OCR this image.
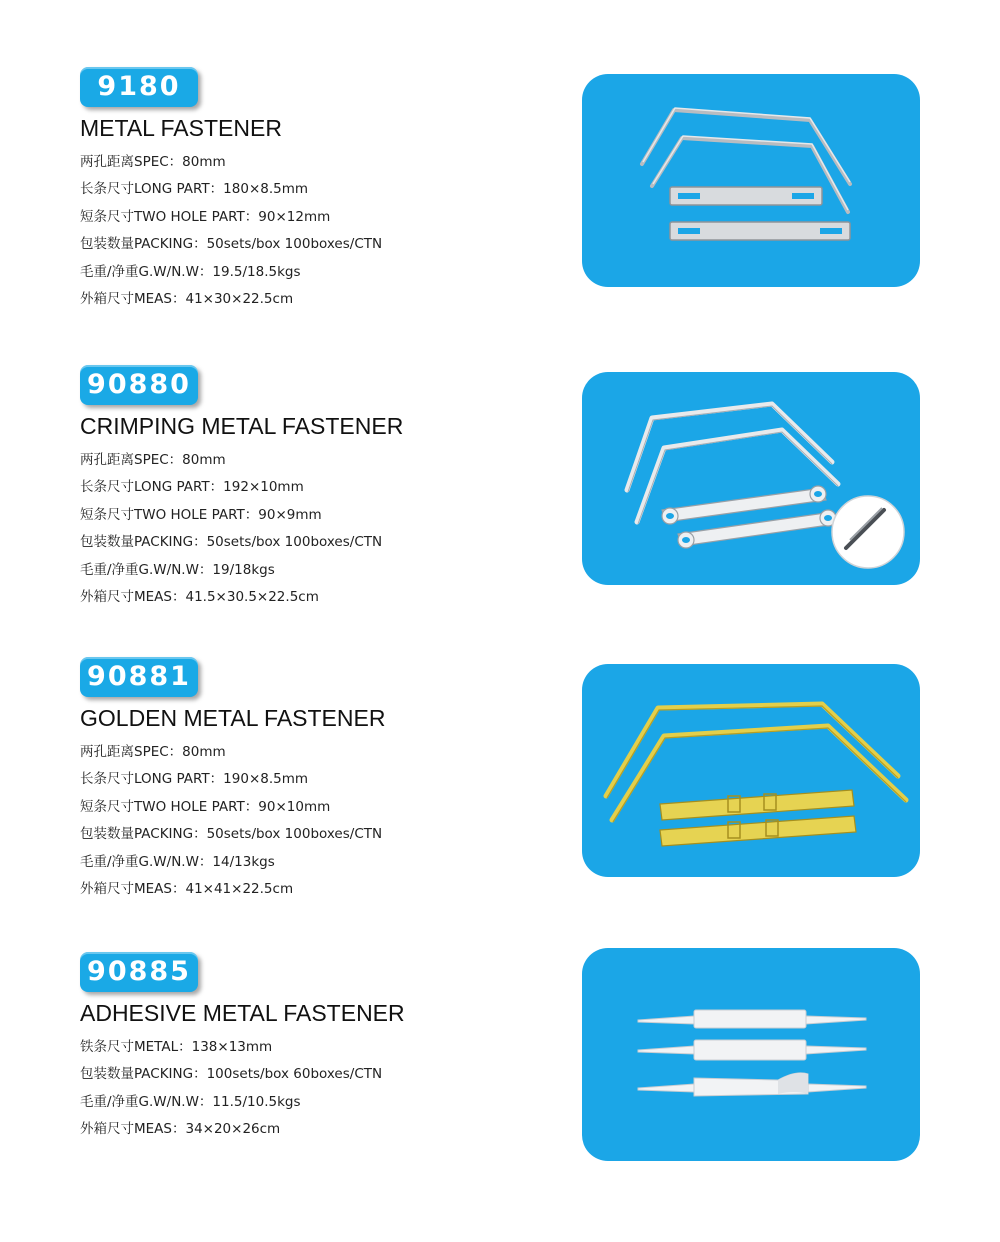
9180
METAL FASTENER
两孔距离SPEC：80mm
长条尺寸LONG PART：180×8.5mm
短条尺寸TWO HOLE PART：90×12mm
包装数量PACKING：50sets/box 100boxes/CTN
毛重/净重G.W/N.W：19.5/18.5kgs
外箱尺寸MEAS：41×30×22.5cm
90880
CRIMPING METAL FASTENER
两孔距离SPEC：80mm
长条尺寸LONG PART：192×10mm
短条尺寸TWO HOLE PART：90×9mm
包装数量PACKING：50sets/box 100boxes/CTN
毛重/净重G.W/N.W：19/18kgs
外箱尺寸MEAS：41.5×30.5×22.5cm
90881
GOLDEN METAL FASTENER
两孔距离SPEC：80mm
长条尺寸LONG PART：190×8.5mm
短条尺寸TWO HOLE PART：90×10mm
包装数量PACKING：50sets/box 100boxes/CTN
毛重/净重G.W/N.W：14/13kgs
外箱尺寸MEAS：41×41×22.5cm
90885
ADHESIVE METAL FASTENER
铁条尺寸METAL：138×13mm
包装数量PACKING：100sets/box 60boxes/CTN
毛重/净重G.W/N.W：11.5/10.5kgs
外箱尺寸MEAS：34×20×26cm
